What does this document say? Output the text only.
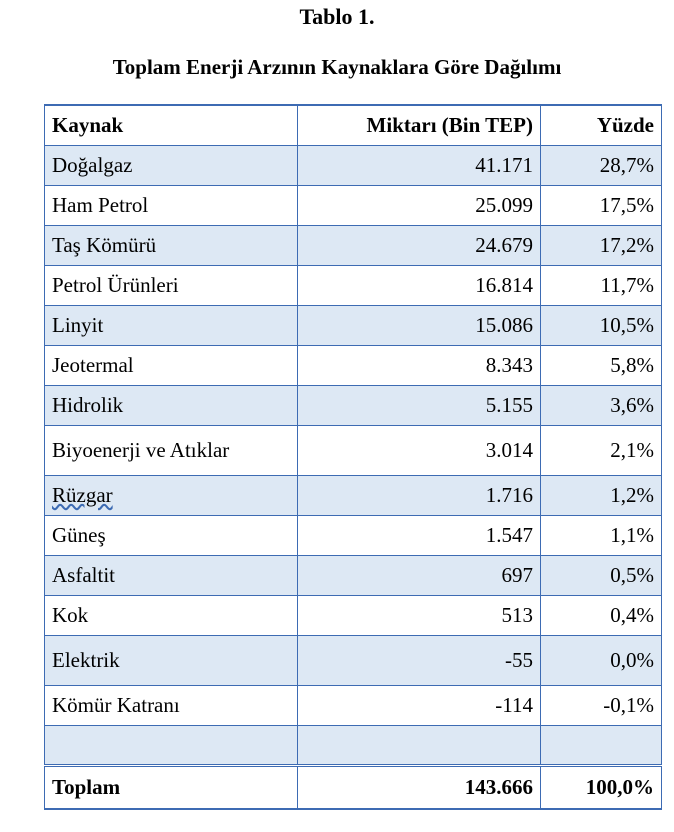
Tablo 1.
Toplam Enerji Arzının Kaynaklara Göre Dağılımı
Kaynak	Miktarı (Bin TEP)	Yüzde
Doğalgaz	41.171	28,7%
Ham Petrol	25.099	17,5%
Taş Kömürü	24.679	17,2%
Petrol Ürünleri	16.814	11,7%
Linyit	15.086	10,5%
Jeotermal	8.343	5,8%
Hidrolik	5.155	3,6%
Biyoenerji ve Atıklar	3.014	2,1%
Rüzgar	1.716	1,2%
Güneş	1.547	1,1%
Asfaltit	697	0,5%
Kok	513	0,4%
Elektrik	-55	0,0%
Kömür Katranı	-114	-0,1%

Toplam	143.666	100,0%
